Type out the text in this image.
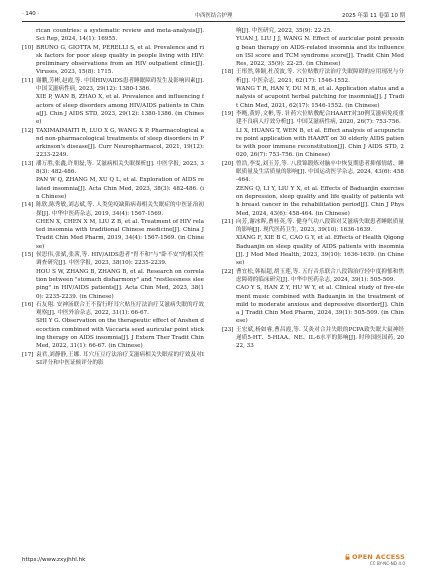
· 140 ·	中西医结合护理	2025 年第 11 卷第 10 期

rican countries: a systematic review and meta-analysis[J]. Sci Rep, 2024, 14(1): 16955.

[10] BRUNO G, GIOTTA M, PERELLI S, et al. Prevalence and risk factors for poor sleep quality in people living with HIV: preliminary observations from an HIV outpatient clinic[J]. Viruses, 2023, 15(8): 1715.

[11] 谢鹏,芳彬,赵霞,等. 中国HIV/AIDS患者睡眠障碍发生及影响因素[J]. 中国艾滋病性病, 2023, 29(12): 1380-1386.

XIE P, WAN B, ZHAO X, et al. Prevalence and influencing factors of sleep disorders among HIV/AIDS patients in China[J]. Chin J AIDS STD, 2023, 29(12): 1380-1386. (in Chinese)

[12] TAXIMAIMAITI R, LUO X G, WANG X P. Pharmacological and non-pharmacological treatments of sleep disorders in Parkinson's disease[J]. Curr Neuropharmacol, 2021, 19(12): 2233-2249.

[13] 潘万胜,张鑫,许朋磊,等. 艾滋病相关失眠探析[J]. 中医学报, 2023, 38(3): 482-486.

PAN W Q, ZHANG M, XU Q L, et al. Exploration of AIDS related insomnia[J]. Acta Chin Med, 2023, 38(3): 482-486. (in Chinese)

[14] 陈欣,陈秀敏,刘志斌,等. 人类免疫缺陷病毒相关失眠症的中医证治初探[J]. 中华中医药杂志, 2019, 34(4): 1567-1569.

CHEN X, CHEN X M, LIU Z B, et al. Treatment of HIV related insomnia with traditional Chinese medicine[J]. China J Tradit Chin Med Pharm, 2019, 34(4): 1567-1569. (in Chinese)

[15] 侯思伟,张斌,张茜,等. HIV/AIDS患者"胃不和"与"卧不安"的相关性调查研究[J]. 中医学报, 2023, 38(10): 2235-2239.

HOU S W, ZHANG B, ZHANG B, et al. Research on correlation between "stomach disharmony" and "restlessness sleeping" in HIV/AIDS patients[J]. Acta Chin Med, 2023, 38(10): 2235-2239. (in Chinese)

[16] 石友翔. 安神汤联合王不留行籽耳穴贴压疗法治疗艾滋病失眠的疗效观察[J]. 中医外治杂志, 2022, 31(1): 66-67.

SHI Y G. Observation on the therapeutic effect of Anshen decoction combined with Vaccaria seed auricular point sticking therapy on AIDS insomnia[J]. J Extern Ther Tradit Chin Med, 2022, 31(1): 66-67. (in Chinese)

[17] 袁君,刘静静,王娜. 耳穴压豆疗法治疗艾滋病相关失眠症的疗效及对ISI评分和中医证候评分的影

响[J]. 中医研究, 2022, 35(9): 22-25.

YUAN J, LIU J J, WANG N. Effect of auricular point pressing bean therapy on AIDS-related insomnia and its influence on ISI score and TCM syndrome score[J]. Tradit Chin Med Res, 2022, 35(9): 22-25. (in Chinese)

[18] 王彤然,韩颖,杜茂波,等. 穴位贴敷疗法治疗失眠障碍的应用现况与分析[J]. 中医杂志, 2021, 62(17): 1546-1552.

WANG T R, HAN Y, DU M B, et al. Application status and analysis of acupoint herbal patching for insomnia[J]. J Tradit Chin Med, 2021, 62(17): 1546-1552. (in Chinese)

[19] 李飏,黄婷,文彬,等. 针药穴位贴敷配合HAART对30例艾滋病免疫重建不良病人疗效分析[J]. 中国艾滋病性病, 2020, 26(7): 753-756.

LI X, HUANG T, WEN B, et al. Effect analysis of acupuncture point application with HAART on 30 elderly AIDS patients with poor immune reconstitution[J]. Chin J AIDS STD, 2020, 26(7): 753-756. (in Chinese)

[20] 曾浩,李雯,刘玉芳,等. 八段锦锻炼对脑卒中恢复期患者抑郁情绪、睡眠质量及生活质量的影响[J]. 中国运动医学杂志, 2024, 43(6): 458-464.

ZENG Q, LI Y, LIU Y X, et al. Effects of Baduanjin exercise on depression, sleep quality and life quality of patients with breast cancer in the rehabilitation period[J]. Chin J Phys Med, 2024, 43(6): 458-464. (in Chinese)

[21] 向芳,谢冰晖,曹桂英,等. 健身气功八段锦对艾滋病失眠患者睡眠质量的影响[J]. 现代医药卫生, 2023, 39(10): 1636-1639.

XIANG F, XIE B C, CAO G Y, et al. Effects of Health Qigong Baduanjin on sleep quality of AIDS patients with insomnia[J]. J Mod Med Health, 2023, 39(10): 1636-1639. (in Chinese)

[22] 曹宜松,韩振超,胡玉莲,等. 五行音乐联合八段锦治疗轻中度抑郁和焦虑障碍的临床研究[J]. 中华中医药杂志, 2024, 39(1): 505-509.

CAO Y S, HAN Z Y, HU W Y, et al. Clinical study of five-element music combined with Baduanjin in the treatment of mild to moderate anxious and depressive disorder[J]. China J Tradit Chin Med Pharm, 2024, 39(1): 505-509. (in Chinese)

[23] 王宏斌,杨如睿,曹昌霞,等. 艾灸对合并失眠的PCPA致失眠大鼠神经递质5-HT、5-HIAA、NE、IL-6水平的影响[J]. 时珍国医国药, 2022, 33

https://www.zxyjhhl.hk	OPEN ACCESS
CC BY-NC-ND 4.0
